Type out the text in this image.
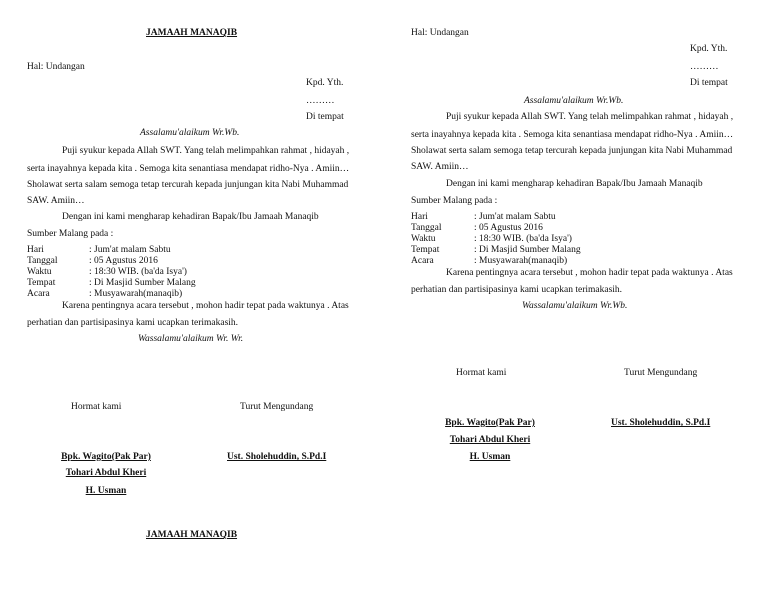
JAMAAH MANAQIB
Hal: Undangan
Kpd. Yth.
………
Di tempat
Assalamu'alaikum Wr.Wb.
Puji syukur kepada Allah SWT. Yang telah melimpahkan rahmat , hidayah ,
serta inayahnya kepada kita . Semoga kita senantiasa mendapat ridho-Nya . Amiin…
Sholawat serta salam semoga tetap tercurah kepada junjungan kita Nabi Muhammad
SAW. Amiin…
Dengan ini kami mengharap kehadiran Bapak/Ibu Jamaah Manaqib
Sumber Malang pada :
Hari	: Jum'at malam Sabtu
Tanggal	: 05 Agustus 2016
Waktu	: 18:30 WIB. (ba'da Isya')
Tempat	: Di Masjid Sumber Malang
Acara	: Musyawarah(manaqib)
Karena pentingnya acara tersebut , mohon hadir tepat pada waktunya . Atas
perhatian dan partisipasinya kami ucapkan terimakasih.
Wassalamu'alaikum Wr. Wr.
Hormat kami	Turut Mengundang
Bpk. Wagito(Pak Par)
Tohari Abdul Kheri
H. Usman
Ust. Sholehuddin, S.Pd.I
JAMAAH MANAQIB
Hal: Undangan
Kpd. Yth.
………
Di tempat
Assalamu'alaikum Wr.Wb.
Puji syukur kepada Allah SWT. Yang telah melimpahkan rahmat , hidayah ,
serta inayahnya kepada kita . Semoga kita senantiasa mendapat ridho-Nya . Amiin…
Sholawat serta salam semoga tetap tercurah kepada junjungan kita Nabi Muhammad
SAW. Amiin…
Dengan ini kami mengharap kehadiran Bapak/Ibu Jamaah Manaqib
Sumber Malang pada :
Hari	: Jum'at malam Sabtu
Tanggal	: 05 Agustus 2016
Waktu	: 18:30 WIB. (ba'da Isya')
Tempat	: Di Masjid Sumber Malang
Acara	: Musyawarah(manaqib)
Karena pentingnya acara tersebut , mohon hadir tepat pada waktunya . Atas
perhatian dan partisipasinya kami ucapkan terimakasih.
Wassalamu'alaikum Wr.Wb.
Hormat kami	Turut Mengundang
Bpk. Wagito(Pak Par)
Tohari Abdul Kheri
H. Usman
Ust. Sholehuddin, S.Pd.I
